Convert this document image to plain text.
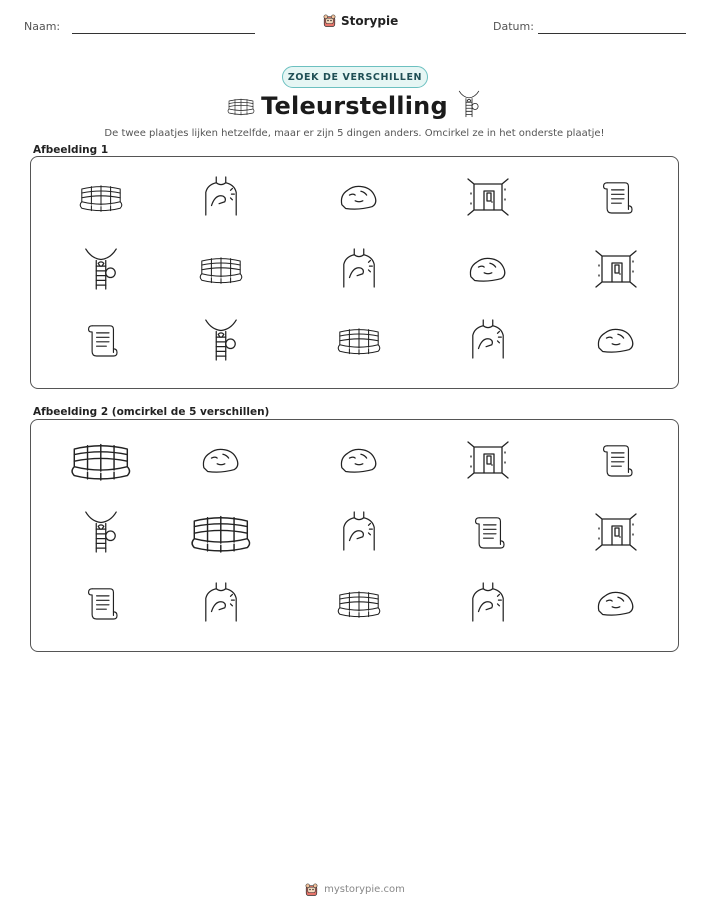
Naam:	Storypie	Datum:
ZOEK DE VERSCHILLEN
Teleurstelling
De twee plaatjes lijken hetzelfde, maar er zijn 5 dingen anders. Omcirkel ze in het onderste plaatje!
Afbeelding 1
Afbeelding 2 (omcirkel de 5 verschillen)
mystorypie.com
